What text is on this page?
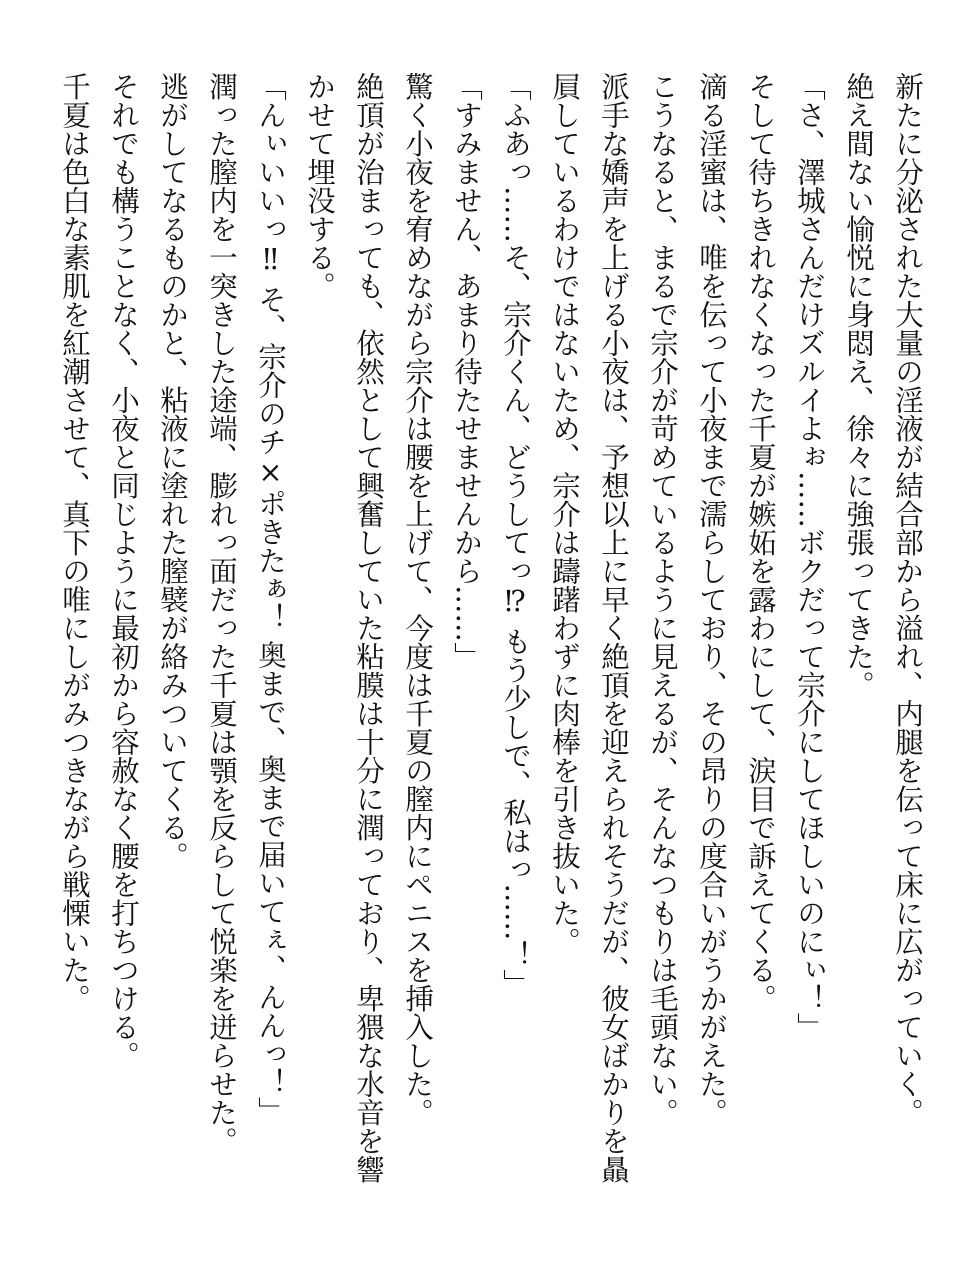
新たに分泌された大量の淫液が結合部から溢れ、内腿を伝って床に広がっていく。

絶え間ない愉悦に身悶え、徐々に強張ってきた。

「さ、澤城さんだけズルイよぉ……ボクだって宗介にしてほしいのにぃ！」

そして待ちきれなくなった千夏が嫉妬を露わにして、涙目で訴えてくる。

滴る淫蜜は、唯を伝って小夜まで濡らしており、その昂りの度合いがうかがえた。

こうなると、まるで宗介が苛めているように見えるが、そんなつもりは毛頭ない。

派手な嬌声を上げる小夜は、予想以上に早く絶頂を迎えられそうだが、彼女ばかりを贔

屓しているわけではないため、宗介は躊躇わずに肉棒を引き抜いた。

「ふあっ……そ、宗介くん、どうしてっ⁉ もう少しで、私はっ……！」

「すみません、あまり待たせませんから……」

驚く小夜を宥めながら宗介は腰を上げて、今度は千夏の膣内にペニスを挿入した。

絶頂が治まっても、依然として興奮していた粘膜は十分に潤っており、卑猥な水音を響

かせて埋没する。

「んぃいいっ‼ そ、宗介のチ×ポきたぁ！ 奥まで、奥まで届いてぇ、んんっ！」

潤った膣内を一突きした途端、膨れっ面だった千夏は顎を反らして悦楽を迸らせた。

逃がしてなるものかと、粘液に塗れた膣襞が絡みついてくる。

それでも構うことなく、小夜と同じように最初から容赦なく腰を打ちつける。

千夏は色白な素肌を紅潮させて、真下の唯にしがみつきながら戦慄いた。
